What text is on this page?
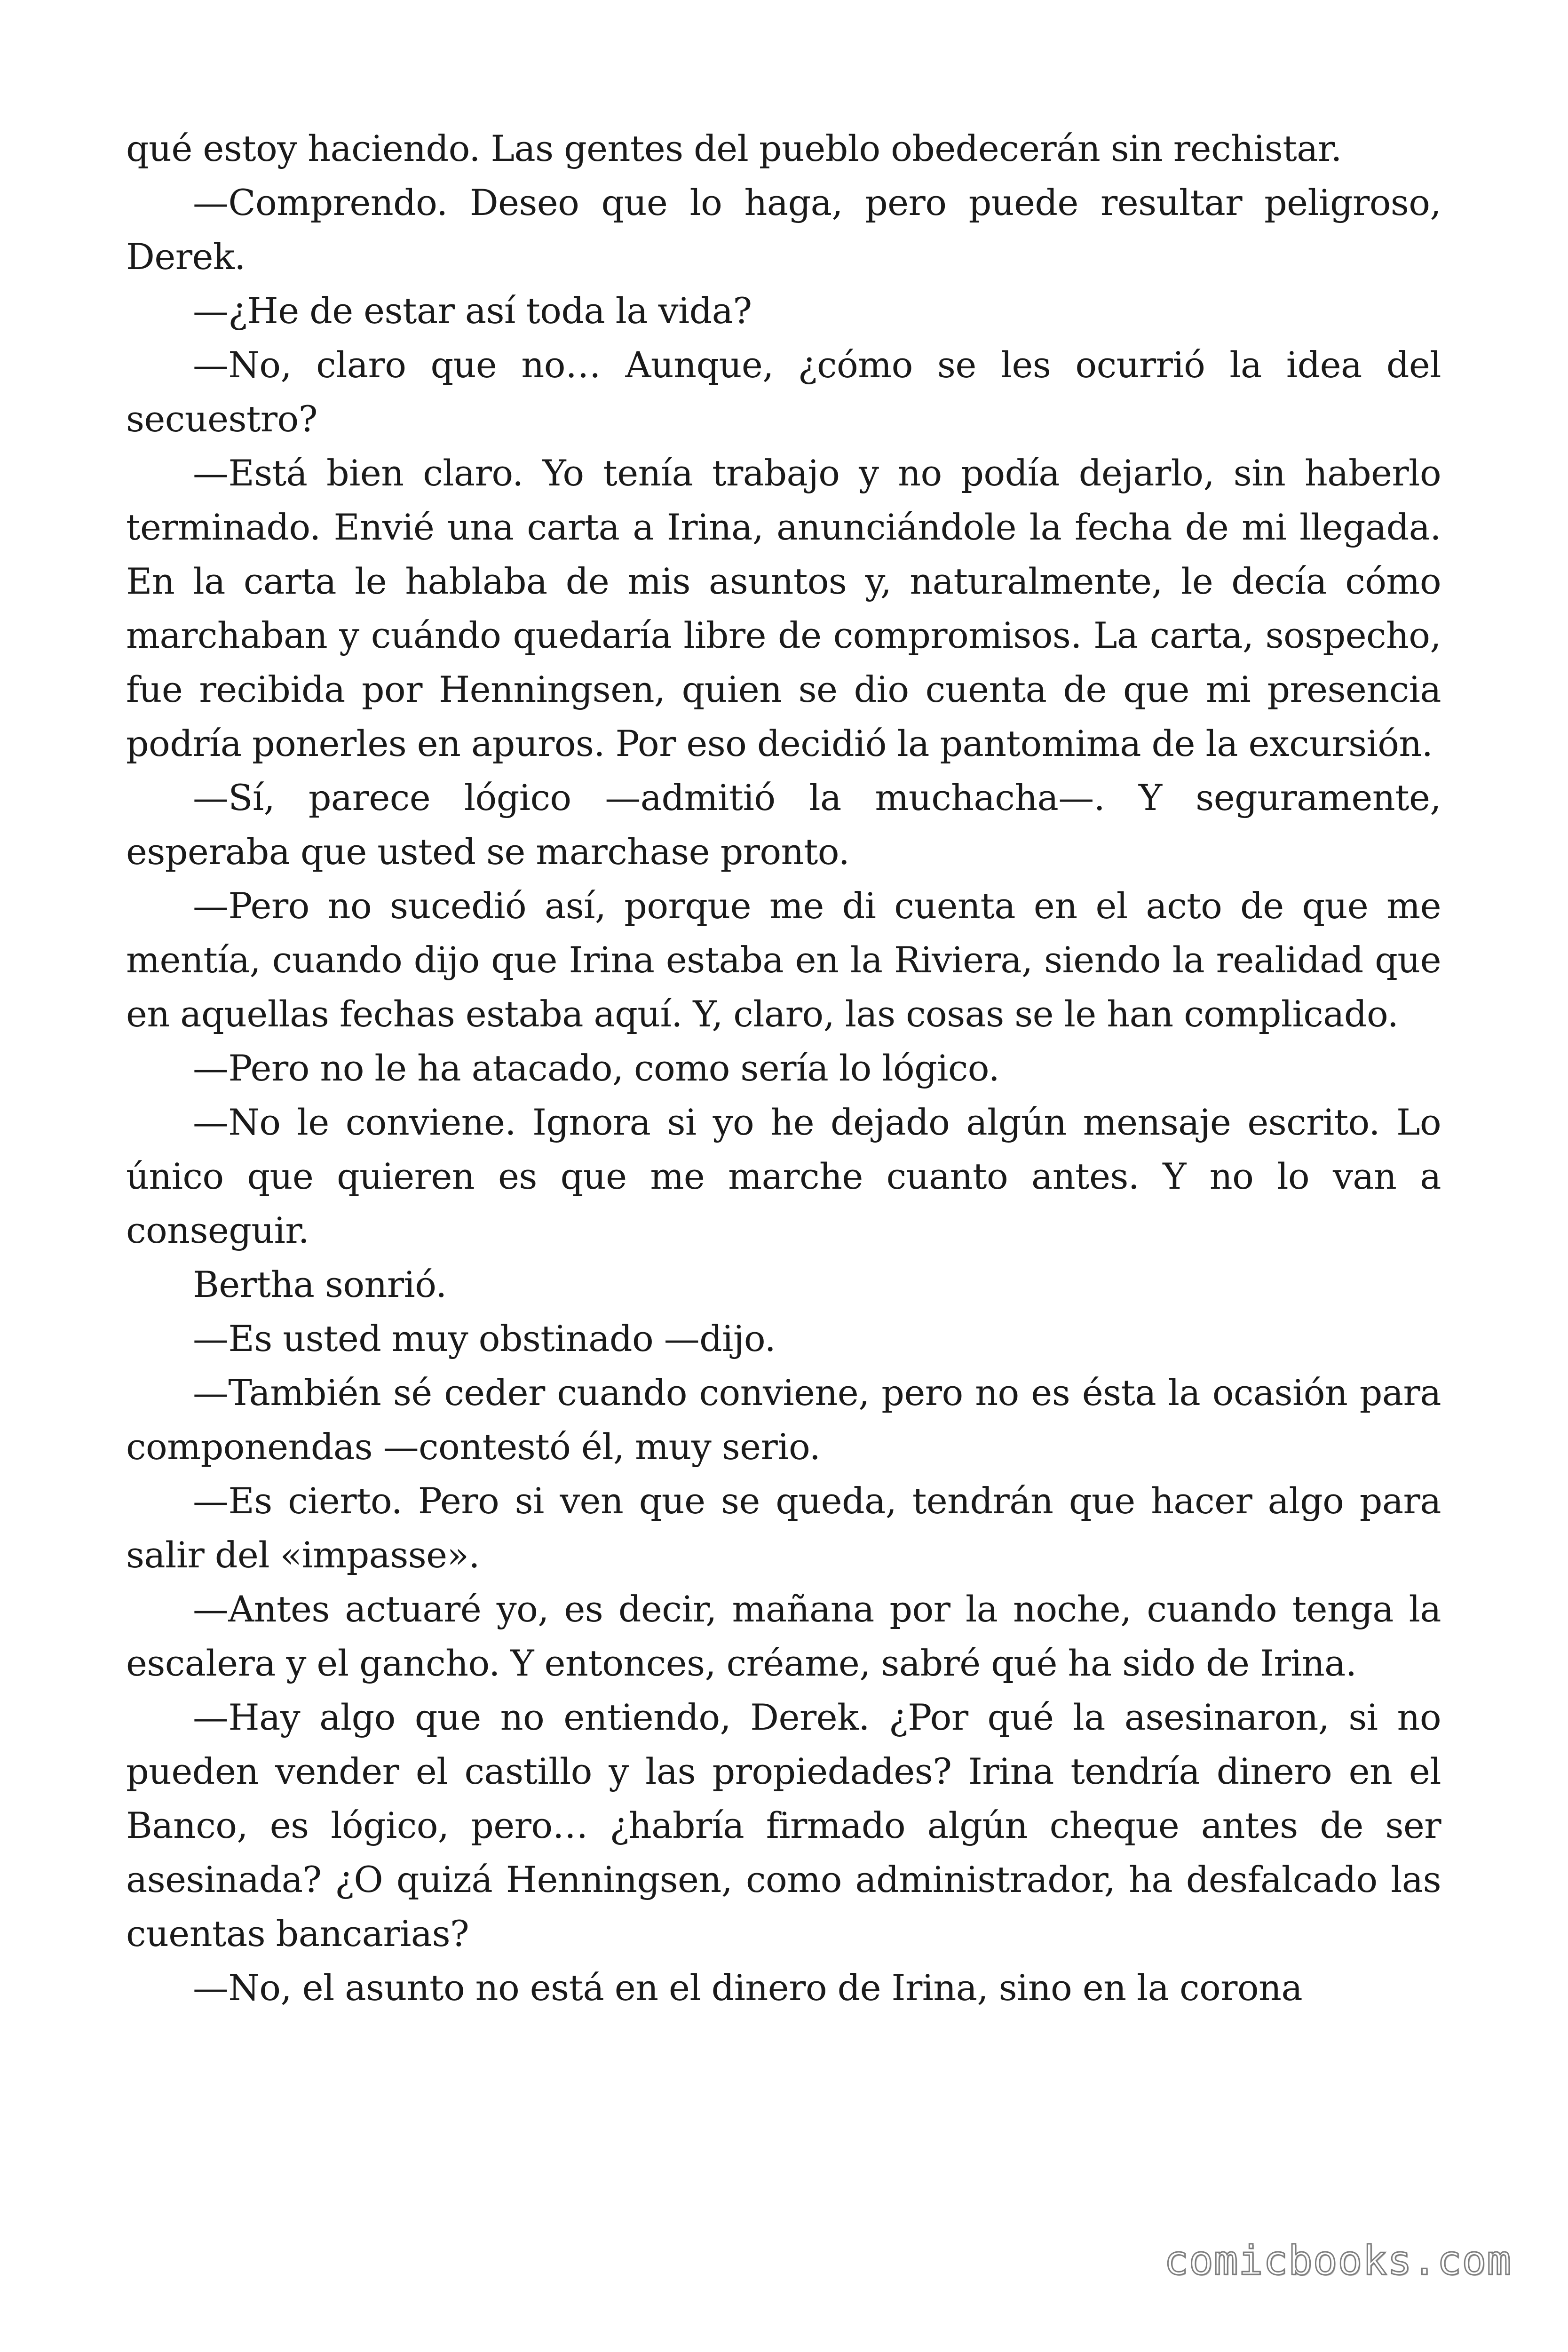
qué estoy haciendo. Las gentes del pueblo obedecerán sin rechistar.

—Comprendo. Deseo que lo haga, pero puede resultar peligroso, Derek.

—¿He de estar así toda la vida?

—No, claro que no… Aunque, ¿cómo se les ocurrió la idea del secuestro?

—Está bien claro. Yo tenía trabajo y no podía dejarlo, sin haberlo terminado. Envié una carta a Irina, anunciándole la fecha de mi llegada. En la carta le hablaba de mis asuntos y, naturalmente, le decía cómo marchaban y cuándo quedaría libre de compromisos. La carta, sospecho, fue recibida por Henningsen, quien se dio cuenta de que mi presencia podría ponerles en apuros. Por eso decidió la pantomima de la excursión.

—Sí, parece lógico —admitió la muchacha—. Y seguramente, esperaba que usted se marchase pronto.

—Pero no sucedió así, porque me di cuenta en el acto de que me mentía, cuando dijo que Irina estaba en la Riviera, siendo la realidad que en aquellas fechas estaba aquí. Y, claro, las cosas se le han complicado.

—Pero no le ha atacado, como sería lo lógico.

—No le conviene. Ignora si yo he dejado algún mensaje escrito. Lo único que quieren es que me marche cuanto antes. Y no lo van a conseguir.

Bertha sonrió.

—Es usted muy obstinado —dijo.

—También sé ceder cuando conviene, pero no es ésta la ocasión para componendas —contestó él, muy serio.

—Es cierto. Pero si ven que se queda, tendrán que hacer algo para salir del «impasse».

—Antes actuaré yo, es decir, mañana por la noche, cuando tenga la escalera y el gancho. Y entonces, créame, sabré qué ha sido de Irina.

—Hay algo que no entiendo, Derek. ¿Por qué la asesinaron, si no pueden vender el castillo y las propiedades? Irina tendría dinero en el Banco, es lógico, pero… ¿habría firmado algún cheque antes de ser asesinada? ¿O quizá Henningsen, como administrador, ha desfalcado las cuentas bancarias?

—No, el asunto no está en el dinero de Irina, sino en la corona

comicbooks.com
